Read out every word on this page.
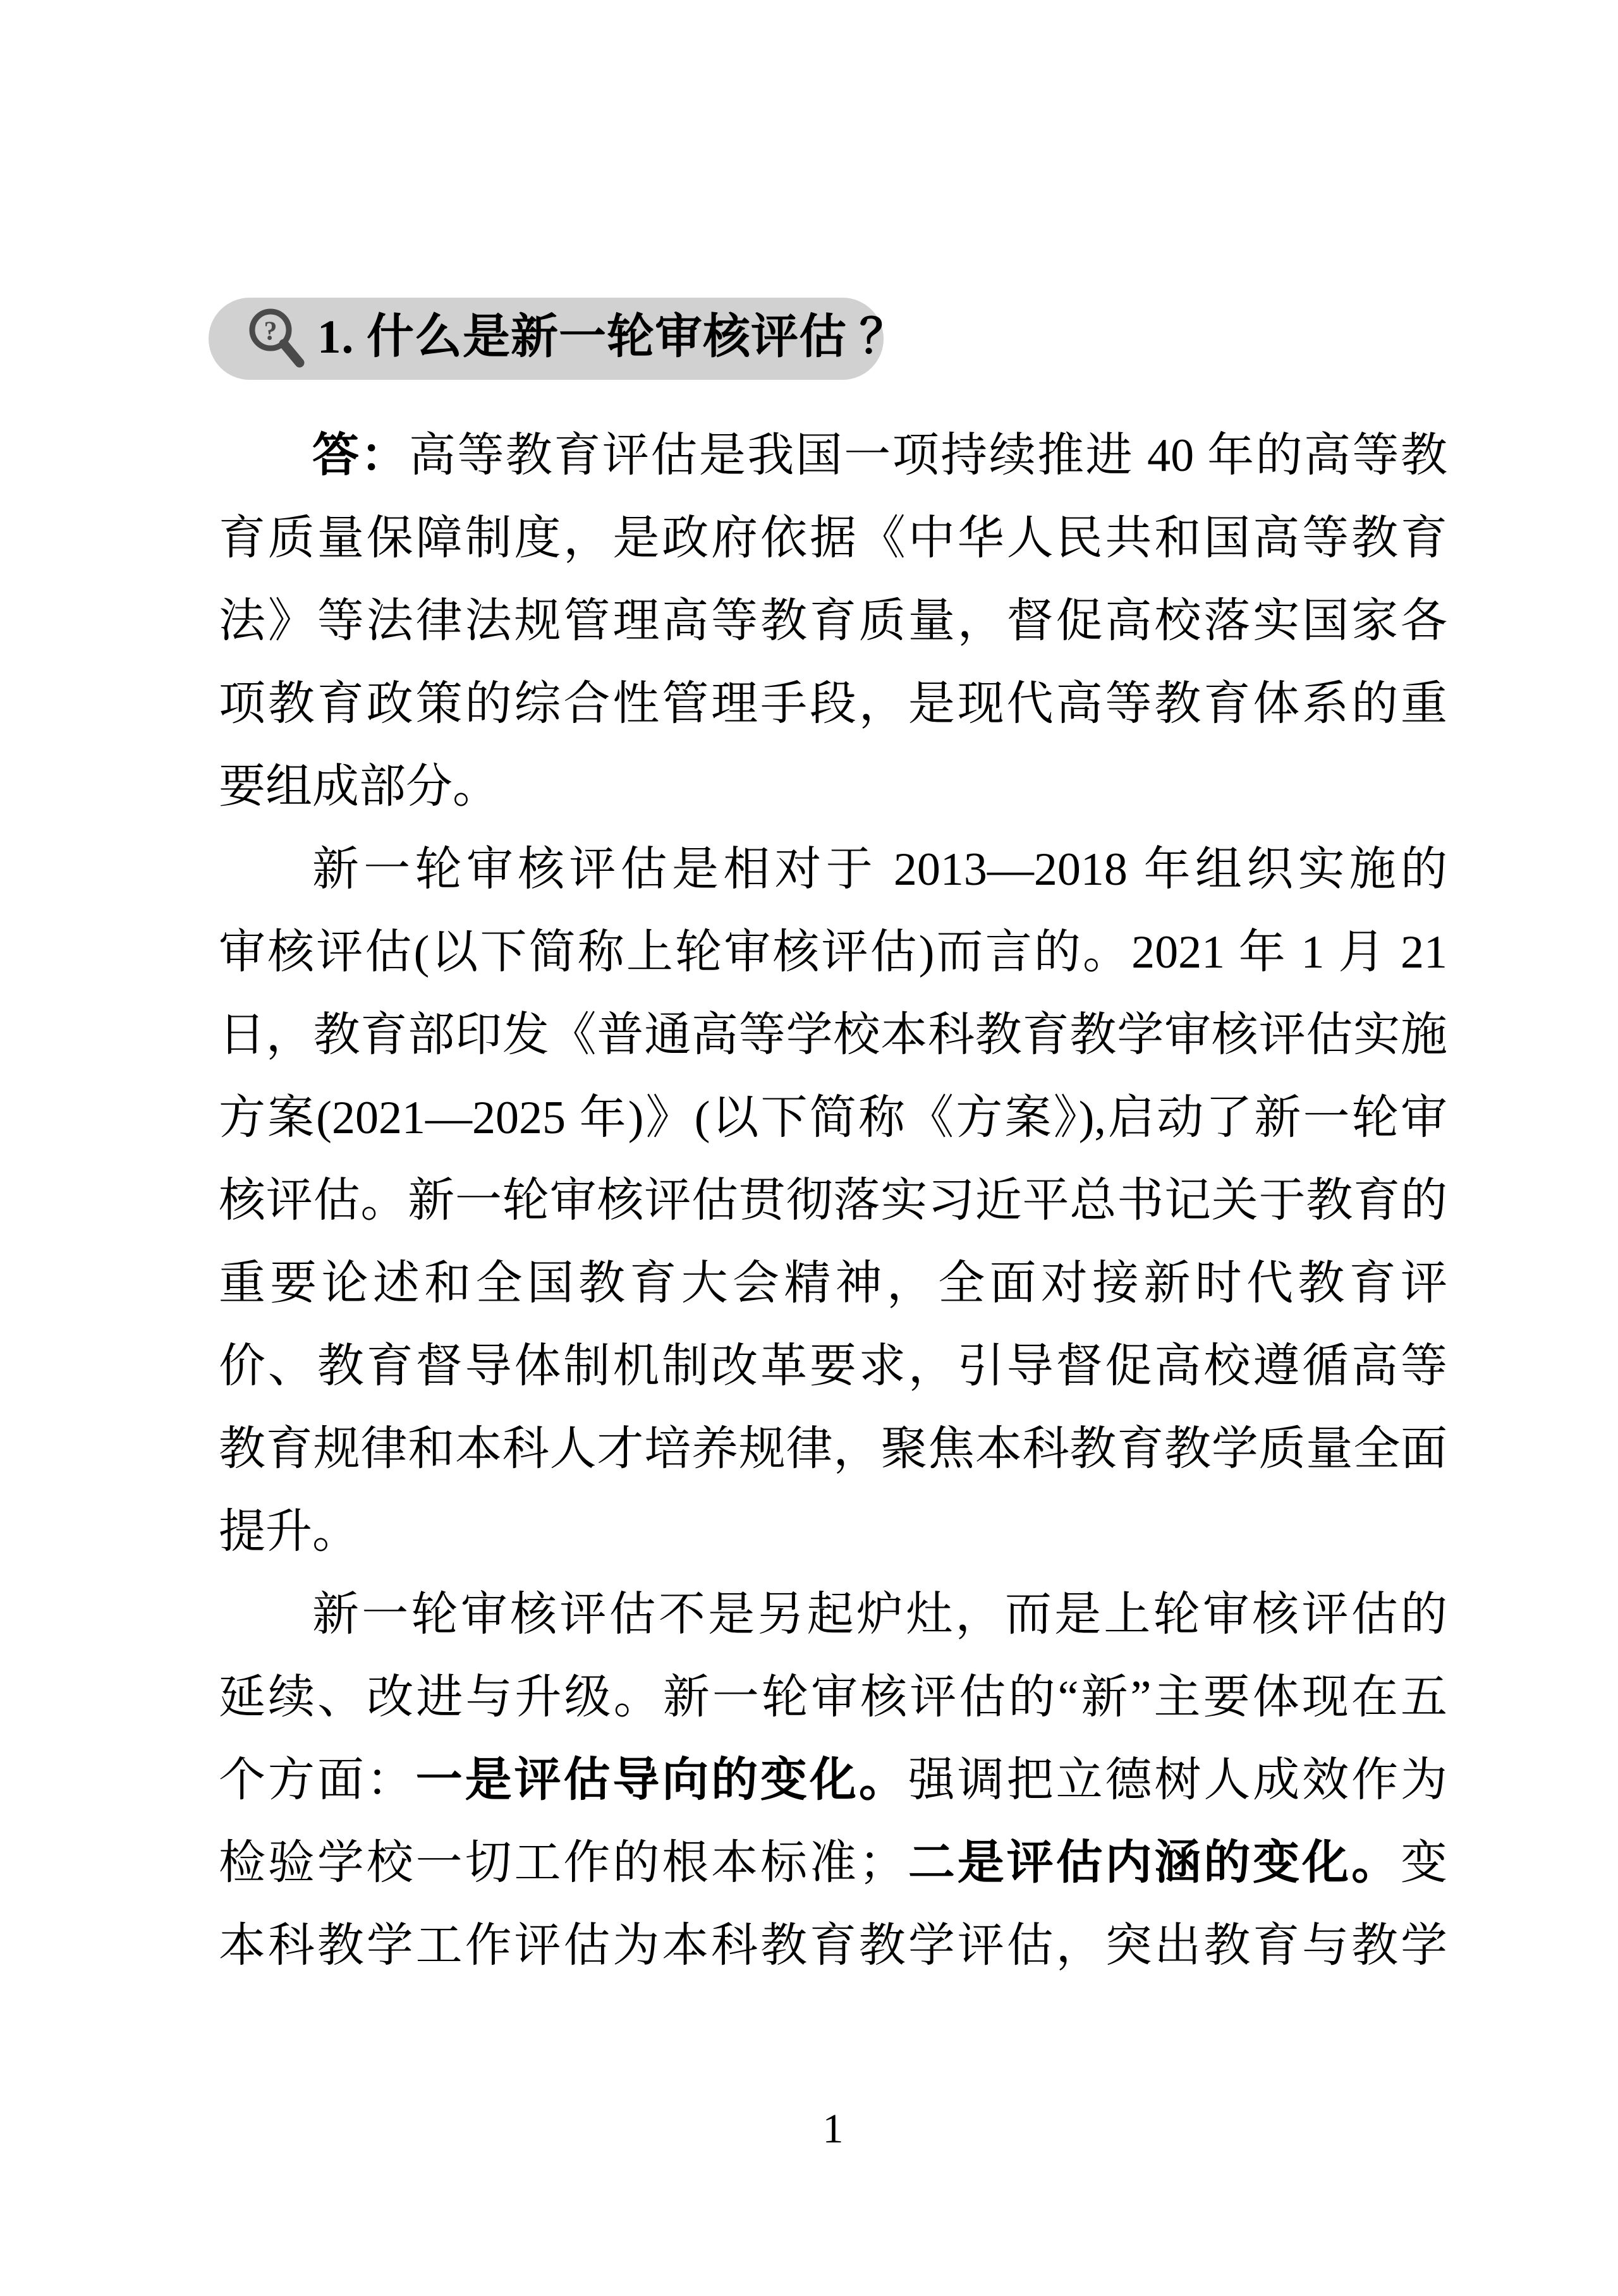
? 1. 什么是新一轮审核评估 ？
答：高等教育评估是我国一项持续推进 40 年的高等教
育质量保障制度，是政府依据《中华人民共和国高等教育
法》等法律法规管理高等教育质量，督促高校落实国家各
项教育政策的综合性管理手段，是现代高等教育体系的重
要组成部分。
新一轮审核评估是相对于 2013—2018 年组织实施的
审核评估(以下简称上轮审核评估)而言的。2021 年 1 月 21
日，教育部印发《普通高等学校本科教育教学审核评估实施
方案(2021—2025 年)》(以下简称《方案》),启动了新一轮审
核评估。新一轮审核评估贯彻落实习近平总书记关于教育的
重要论述和全国教育大会精神，全面对接新时代教育评
价、教育督导体制机制改革要求，引导督促高校遵循高等
教育规律和本科人才培养规律，聚焦本科教育教学质量全面
提升。
新一轮审核评估不是另起炉灶，而是上轮审核评估的
延续、改进与升级。新一轮审核评估的“新”主要体现在五
个方面：一是评估导向的变化。强调把立德树人成效作为
检验学校一切工作的根本标准；二是评估内涵的变化。变
本科教学工作评估为本科教育教学评估，突出教育与教学
1
